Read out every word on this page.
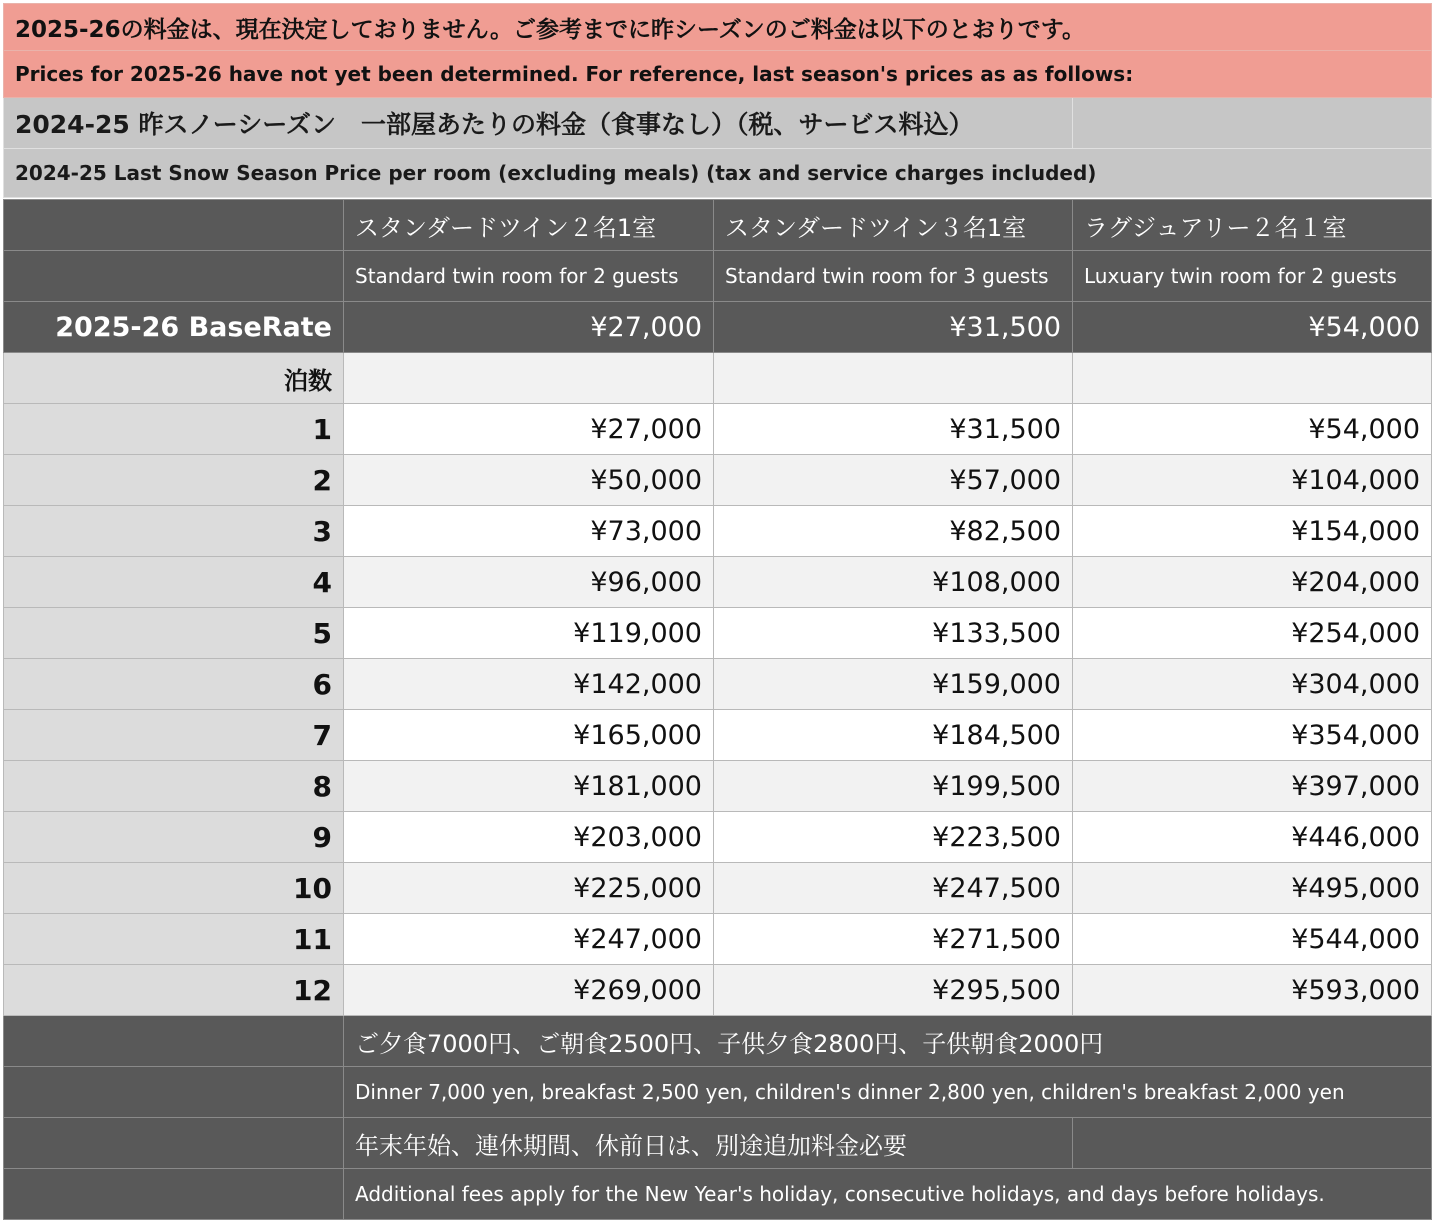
2025-26の料金は、現在決定しておりません。ご参考までに昨シーズンのご料金は以下のとおりです。			
Prices for 2025-26 have not yet been determined. For reference, last season's prices as as follows:			
2024-25 昨スノーシーズン　一部屋あたりの料金（食事なし）（税、サービス料込）			
2024-25 Last Snow Season Price per room (excluding meals) (tax and service charges included)			

	スタンダードツイン２名1室	スタンダードツイン３名1室	ラグジュアリー２名１室
	Standard twin room for 2 guests	Standard twin room for 3 guests	Luxuary twin room for 2 guests
2025-26 BaseRate	¥27,000	¥31,500	¥54,000
泊数			
1	¥27,000	¥31,500	¥54,000
2	¥50,000	¥57,000	¥104,000
3	¥73,000	¥82,500	¥154,000
4	¥96,000	¥108,000	¥204,000
5	¥119,000	¥133,500	¥254,000
6	¥142,000	¥159,000	¥304,000
7	¥165,000	¥184,500	¥354,000
8	¥181,000	¥199,500	¥397,000
9	¥203,000	¥223,500	¥446,000
10	¥225,000	¥247,500	¥495,000
11	¥247,000	¥271,500	¥544,000
12	¥269,000	¥295,500	¥593,000
	ご夕食7000円、ご朝食2500円、子供夕食2800円、子供朝食2000円		
	Dinner 7,000 yen, breakfast 2,500 yen, children's dinner 2,800 yen, children's breakfast 2,000 yen		
	年末年始、連休期間、休前日は、別途追加料金必要		
	Additional fees apply for the New Year's holiday, consecutive holidays, and days before holidays.		
